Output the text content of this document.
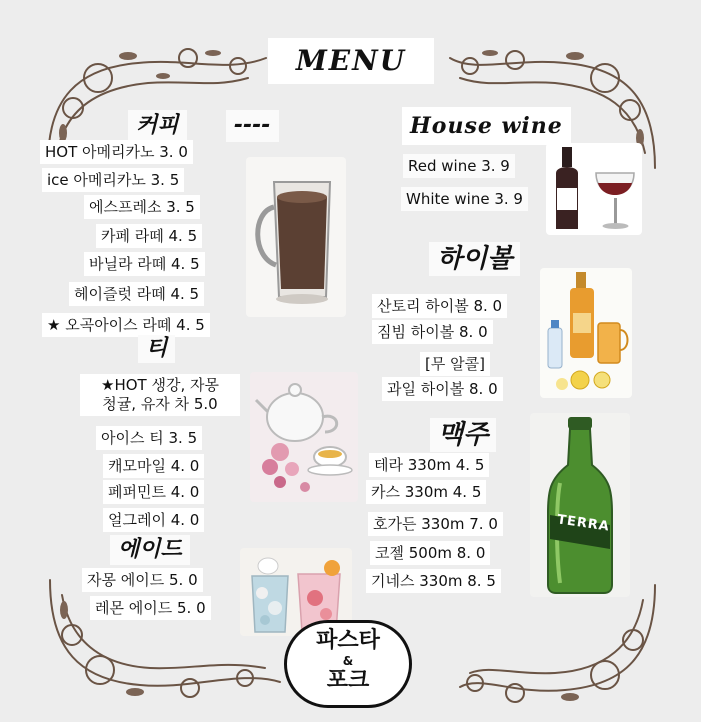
MENU
커피	----
HOT 아메리카노 3. 0
ice 아메리카노 3. 5
에스프레소 3. 5
카페 라떼 4. 5
바닐라 라떼 4. 5
헤이즐럿 라떼 4. 5
★ 오곡아이스 라떼 4. 5
티
★HOT 생강, 자몽
청귤, 유자 차 5.0
아이스 티 3. 5
캐모마일 4. 0
페퍼민트 4. 0
얼그레이 4. 0
에이드
자몽 에이드 5. 0
레몬 에이드 5. 0
House wine
Red wine 3. 9
White wine 3. 9
하이볼
산토리 하이볼 8. 0
짐빔 하이볼 8. 0
[무 알콜]
과일 하이볼 8. 0
맥주
테라 330m 4. 5
카스 330m 4. 5
호가든 330m 7. 0
코젤 500m 8. 0
기네스 330m 8. 5
TERRA
파스타
&
포크
